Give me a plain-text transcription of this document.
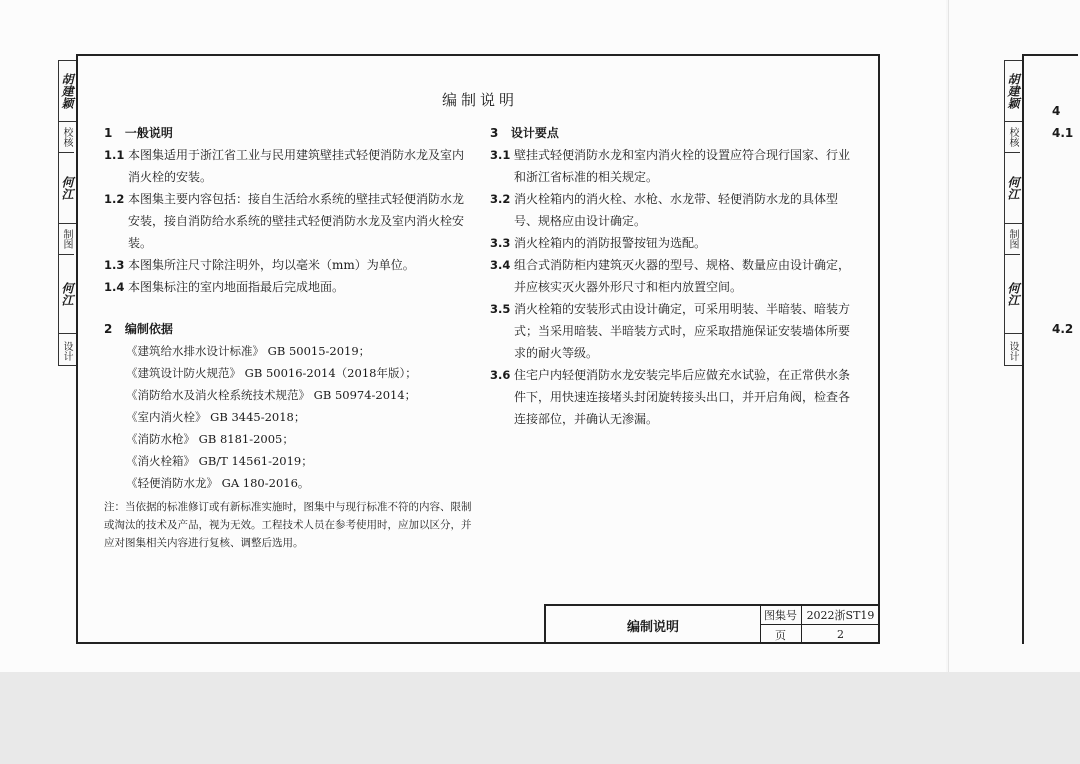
胡建颖
校核
何江
制图
何江
设计
编制说明
1 一般说明
1.1 本图集适用于浙江省工业与民用建筑壁挂式轻便消防水龙及室内消火栓的安装。
1.2 本图集主要内容包括：接自生活给水系统的壁挂式轻便消防水龙安装，接自消防给水系统的壁挂式轻便消防水龙及室内消火栓安装。
1.3 本图集所注尺寸除注明外，均以毫米（mm）为单位。
1.4 本图集标注的室内地面指最后完成地面。
2 编制依据
《建筑给水排水设计标准》 GB 50015-2019；
《建筑设计防火规范》 GB 50016-2014（2018年版）；
《消防给水及消火栓系统技术规范》 GB 50974-2014；
《室内消火栓》 GB 3445-2018；
《消防水枪》 GB 8181-2005；
《消火栓箱》 GB/T 14561-2019；
《轻便消防水龙》 GA 180-2016。
注：当依据的标准修订或有新标准实施时，图集中与现行标准不符的内容、限制或淘汰的技术及产品，视为无效。工程技术人员在参考使用时，应加以区分，并应对图集相关内容进行复核、调整后选用。
3 设计要点
3.1 壁挂式轻便消防水龙和室内消火栓的设置应符合现行国家、行业和浙江省标准的相关规定。
3.2 消火栓箱内的消火栓、水枪、水龙带、轻便消防水龙的具体型号、规格应由设计确定。
3.3 消火栓箱内的消防报警按钮为选配。
3.4 组合式消防柜内建筑灭火器的型号、规格、数量应由设计确定，并应核实灭火器外形尺寸和柜内放置空间。
3.5 消火栓箱的安装形式由设计确定，可采用明装、半暗装、暗装方式；当采用暗装、半暗装方式时，应采取措施保证安装墙体所要求的耐火等级。
3.6 住宅户内轻便消防水龙安装完毕后应做充水试验，在正常供水条件下，用快速连接堵头封闭旋转接头出口，并开启角阀，检查各连接部位，并确认无渗漏。
编制说明
图集号 2022浙ST19
页	2
胡建颖
校核
何江
制图
何江
设计
4
4.1
4.2
